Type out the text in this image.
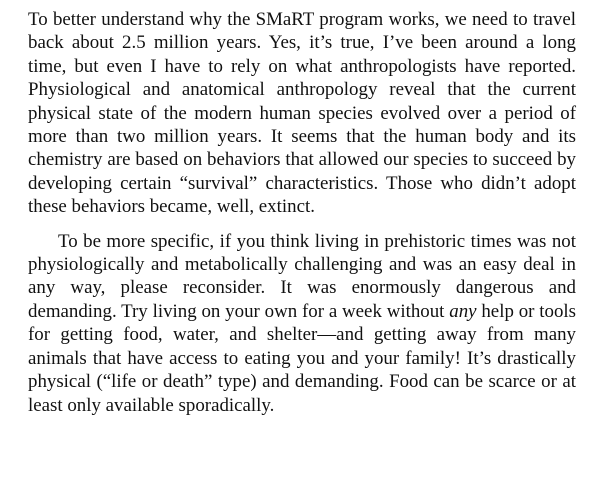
To better understand why the SMaRT program works, we need to travel back about 2.5 million years. Yes, it’s true, I’ve been around a long time, but even I have to rely on what anthropologists have reported. Physiological and anatomical anthropology reveal that the current physical state of the modern human species evolved over a period of more than two million years. It seems that the human body and its chemistry are based on behaviors that allowed our species to succeed by developing certain “survival” characteristics. Those who didn’t adopt these behaviors became, well, extinct.

To be more specific, if you think living in prehistoric times was not physiologically and metabolically challenging and was an easy deal in any way, please reconsider. It was enormously dangerous and demanding. Try living on your own for a week without any help or tools for getting food, water, and shelter—and getting away from many animals that have access to eating you and your family! It’s drastically physical (“life or death” type) and demanding. Food can be scarce or at least only available sporadically.
